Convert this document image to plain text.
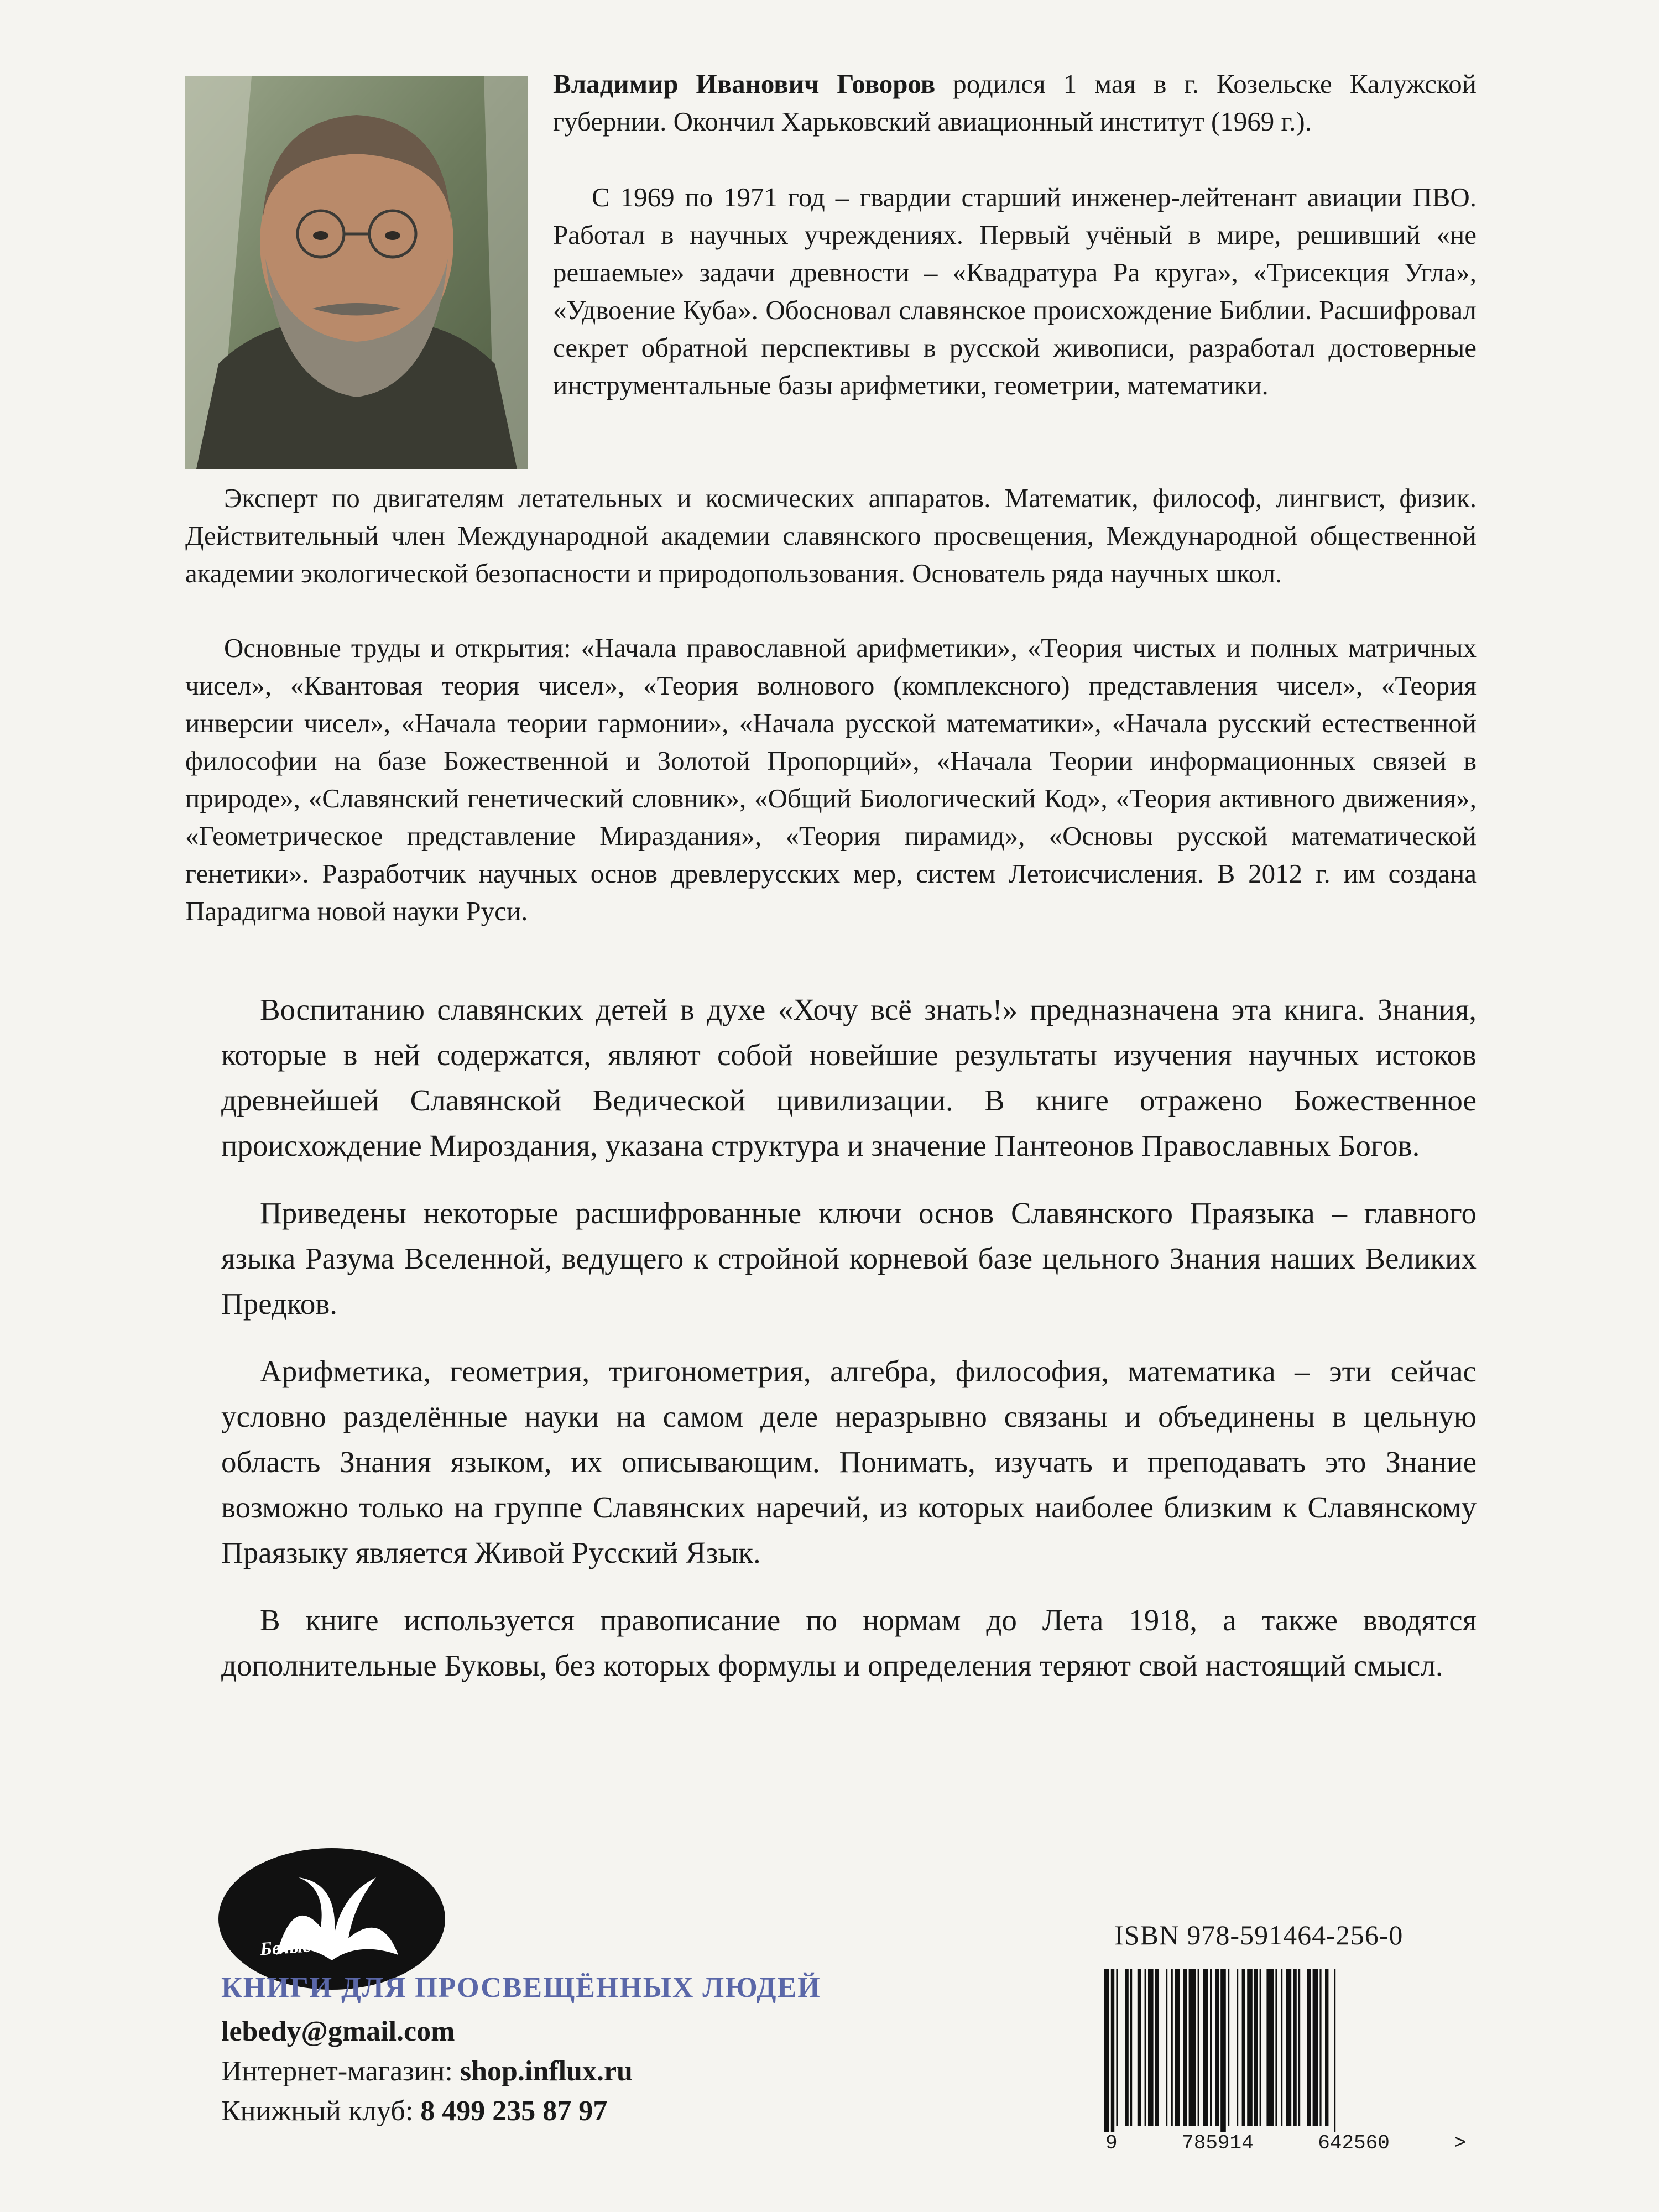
Владимир Иванович Говоров родился 1 мая в г. Козельске Калужской губернии. Окончил Харьковский авиационный институт (1969 г.).

С 1969 по 1971 год – гвардии старший инженер-лейтенант авиации ПВО. Работал в научных учреждениях. Первый учёный в мире, решивший «не решаемые» задачи древности – «Квадратура Ра круга», «Трисекция Угла», «Удвоение Куба». Обосновал славянское происхождение Библии. Расшифровал секрет обратной перспективы в русской живописи, разработал достоверные инструментальные базы арифметики, геометрии, математики.

Эксперт по двигателям летательных и космических аппаратов. Математик, философ, лингвист, физик. Действительный член Международной академии славянского просвещения, Международной общественной академии экологической безопасности и природопользования. Основатель ряда научных школ.

Основные труды и открытия: «Начала православной арифметики», «Теория чистых и полных матричных чисел», «Квантовая теория чисел», «Теория волнового (комплексного) представления чисел», «Теория инверсии чисел», «Начала теории гармонии», «Начала русской математики», «Начала русский естественной философии на базе Божественной и Золотой Пропорций», «Начала Теории информационных связей в природе», «Славянский генетический словник», «Общий Биологический Код», «Теория активного движения», «Геометрическое представление Мираздания», «Теория пирамид», «Основы русской математической генетики». Разработчик научных основ древлерусских мер, систем Летоисчисления. В 2012 г. им создана Парадигма новой науки Руси.

Воспитанию славянских детей в духе «Хочу всё знать!» предназначена эта книга. Знания, которые в ней содержатся, являют собой новейшие результаты изучения научных истоков древнейшей Славянской Ведической цивилизации. В книге отражено Божественное происхождение Мироздания, указана структура и значение Пантеонов Православных Богов.

Приведены некоторые расшифрованные ключи основ Славянского Праязыка – главного языка Разума Вселенной, ведущего к стройной корневой базе цельного Знания наших Великих Предков.

Арифметика, геометрия, тригонометрия, алгебра, философия, математика – эти сейчас условно разделённые науки на самом деле неразрывно связаны и объединены в цельную область Знания языком, их описывающим. Понимать, изучать и преподавать это Знание возможно только на группе Славянских наречий, из которых наиболее близким к Славянскому Праязыку является Живой Русский Язык.

В книге используется правописание по нормам до Лета 1918, а также вводятся дополнительные Буковы, без которых формулы и определения теряют свой настоящий смысл.

Белые альвы

КНИГИ ДЛЯ ПРОСВЕЩЁННЫХ ЛЮДЕЙ

lebedy@gmail.com

Интернет-магазин: shop.influx.ru

Книжный клуб: 8 499 235 87 97

ISBN 978-591464-256-0
9	785914	642560	>
